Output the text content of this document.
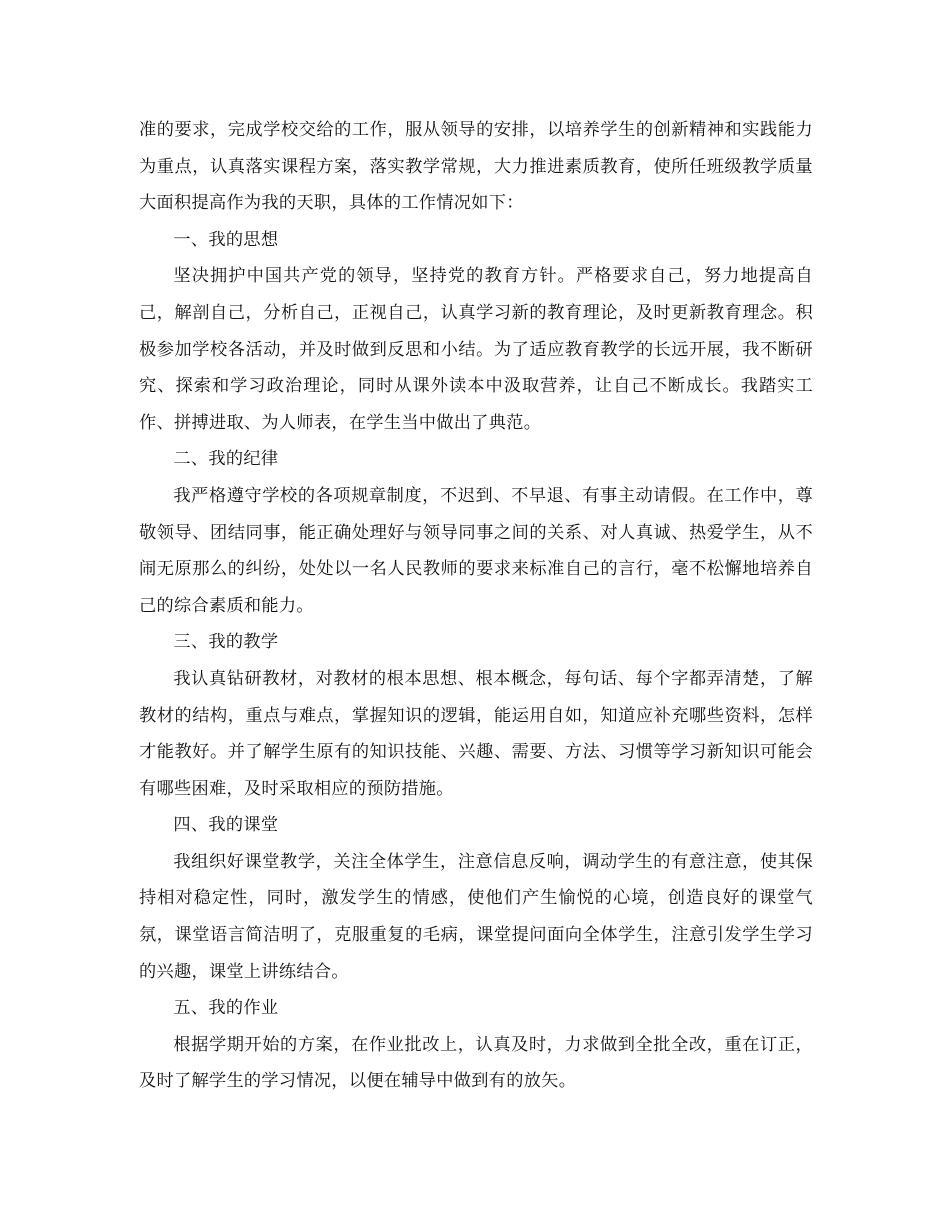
准的要求，完成学校交给的工作，服从领导的安排，以培养学生的创新精神和实践能力为重点，认真落实课程方案，落实教学常规，大力推进素质教育，使所任班级教学质量大面积提高作为我的天职，具体的工作情况如下：

一、我的思想

坚决拥护中国共产党的领导，坚持党的教育方针。严格要求自己，努力地提高自己，解剖自己，分析自己，正视自己，认真学习新的教育理论，及时更新教育理念。积极参加学校各活动，并及时做到反思和小结。为了适应教育教学的长远开展，我不断研究、探索和学习政治理论，同时从课外读本中汲取营养，让自己不断成长。我踏实工作、拼搏进取、为人师表，在学生当中做出了典范。

二、我的纪律

我严格遵守学校的各项规章制度，不迟到、不早退、有事主动请假。在工作中，尊敬领导、团结同事，能正确处理好与领导同事之间的关系、对人真诚、热爱学生，从不闹无原那么的纠纷，处处以一名人民教师的要求来标准自己的言行，毫不松懈地培养自己的综合素质和能力。

三、我的教学

我认真钻研教材，对教材的根本思想、根本概念，每句话、每个字都弄清楚，了解教材的结构，重点与难点，掌握知识的逻辑，能运用自如，知道应补充哪些资料，怎样才能教好。并了解学生原有的知识技能、兴趣、需要、方法、习惯等学习新知识可能会有哪些困难，及时采取相应的预防措施。

四、我的课堂

我组织好课堂教学，关注全体学生，注意信息反响，调动学生的有意注意，使其保持相对稳定性，同时，激发学生的情感，使他们产生愉悦的心境，创造良好的课堂气氛，课堂语言简洁明了，克服重复的毛病，课堂提问面向全体学生，注意引发学生学习的兴趣，课堂上讲练结合。

五、我的作业

根据学期开始的方案，在作业批改上，认真及时，力求做到全批全改，重在订正，及时了解学生的学习情况，以便在辅导中做到有的放矢。
